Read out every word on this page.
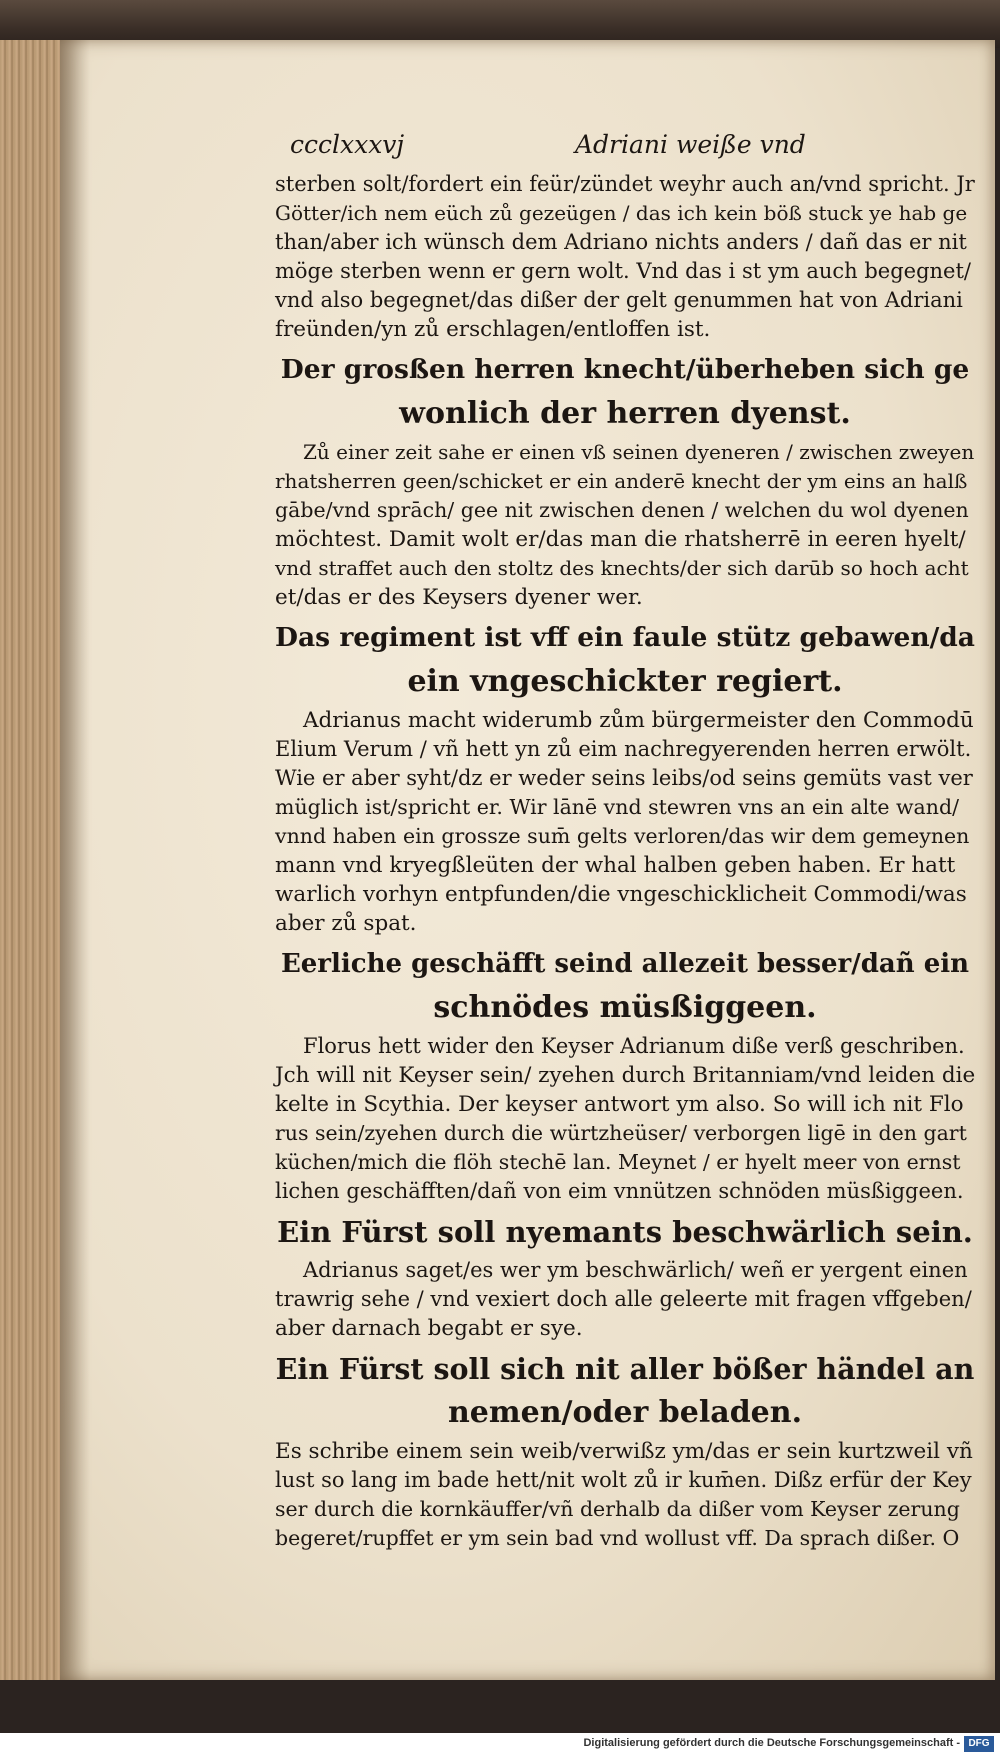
ccclxxxvj	Adriani weiße vnd
sterben solt/fordert ein feür/zündet weyhr auch an/vnd spricht. Jr
Götter/ich nem eüch zů gezeügen / das ich kein böß stuck ye hab ge
than/aber ich wünsch dem Adriano nichts anders / dañ das er nit
möge sterben wenn er gern wolt. Vnd das i st ym auch begegnet/
vnd also begegnet/das dißer der gelt genummen hat von Adriani
freünden/yn zů erschlagen/entloffen ist.
Der grosßen herren knecht/überheben sich ge
wonlich der herren dyenst.
Zů einer zeit sahe er einen vß seinen dyeneren / zwischen zweyen
rhatsherren geen/schicket er ein anderē knecht der ym eins an halß
gābe/vnd sprāch/ gee nit zwischen denen / welchen du wol dyenen
möchtest. Damit wolt er/das man die rhatsherrē in eeren hyelt/
vnd straffet auch den stoltz des knechts/der sich darūb so hoch acht
et/das er des Keysers dyener wer.
Das regiment ist vff ein faule stütz gebawen/da
ein vngeschickter regiert.
Adrianus macht widerumb zům bürgermeister den Commodū
Elium Verum / vñ hett yn zů eim nachregyerenden herren erwölt.
Wie er aber syht/dz er weder seins leibs/od seins gemüts vast ver
müglich ist/spricht er. Wir lānē vnd stewren vns an ein alte wand/
vnnd haben ein grossze sum̄ gelts verloren/das wir dem gemeynen
mann vnd kryegßleüten der whal halben geben haben. Er hatt
warlich vorhyn entpfunden/die vngeschicklicheit Commodi/was
aber zů spat.
Eerliche geschäfft seind allezeit besser/dañ ein
schnödes müsßiggeen.
Florus hett wider den Keyser Adrianum diße verß geschriben.
Jch will nit Keyser sein/ zyehen durch Britanniam/vnd leiden die
kelte in Scythia. Der keyser antwort ym also. So will ich nit Flo
rus sein/zyehen durch die würtzheüser/ verborgen ligē in den gart
küchen/mich die flöh stechē lan. Meynet / er hyelt meer von ernst
lichen geschäfften/dañ von eim vnnützen schnöden müsßiggeen.
Ein Fürst soll nyemants beschwärlich sein.
Adrianus saget/es wer ym beschwärlich/ weñ er yergent einen
trawrig sehe / vnd vexiert doch alle geleerte mit fragen vffgeben/
aber darnach begabt er sye.
Ein Fürst soll sich nit aller bößer händel an
nemen/oder beladen.
Es schribe einem sein weib/verwißz ym/das er sein kurtzweil vñ
lust so lang im bade hett/nit wolt zů ir kum̄en. Dißz erfür der Key
ser durch die kornkäuffer/vñ derhalb da dißer vom Keyser zerung
begeret/rupffet er ym sein bad vnd wollust vff. Da sprach dißer. O
Digitalisierung gefördert durch die Deutsche Forschungsgemeinschaft - DFG
